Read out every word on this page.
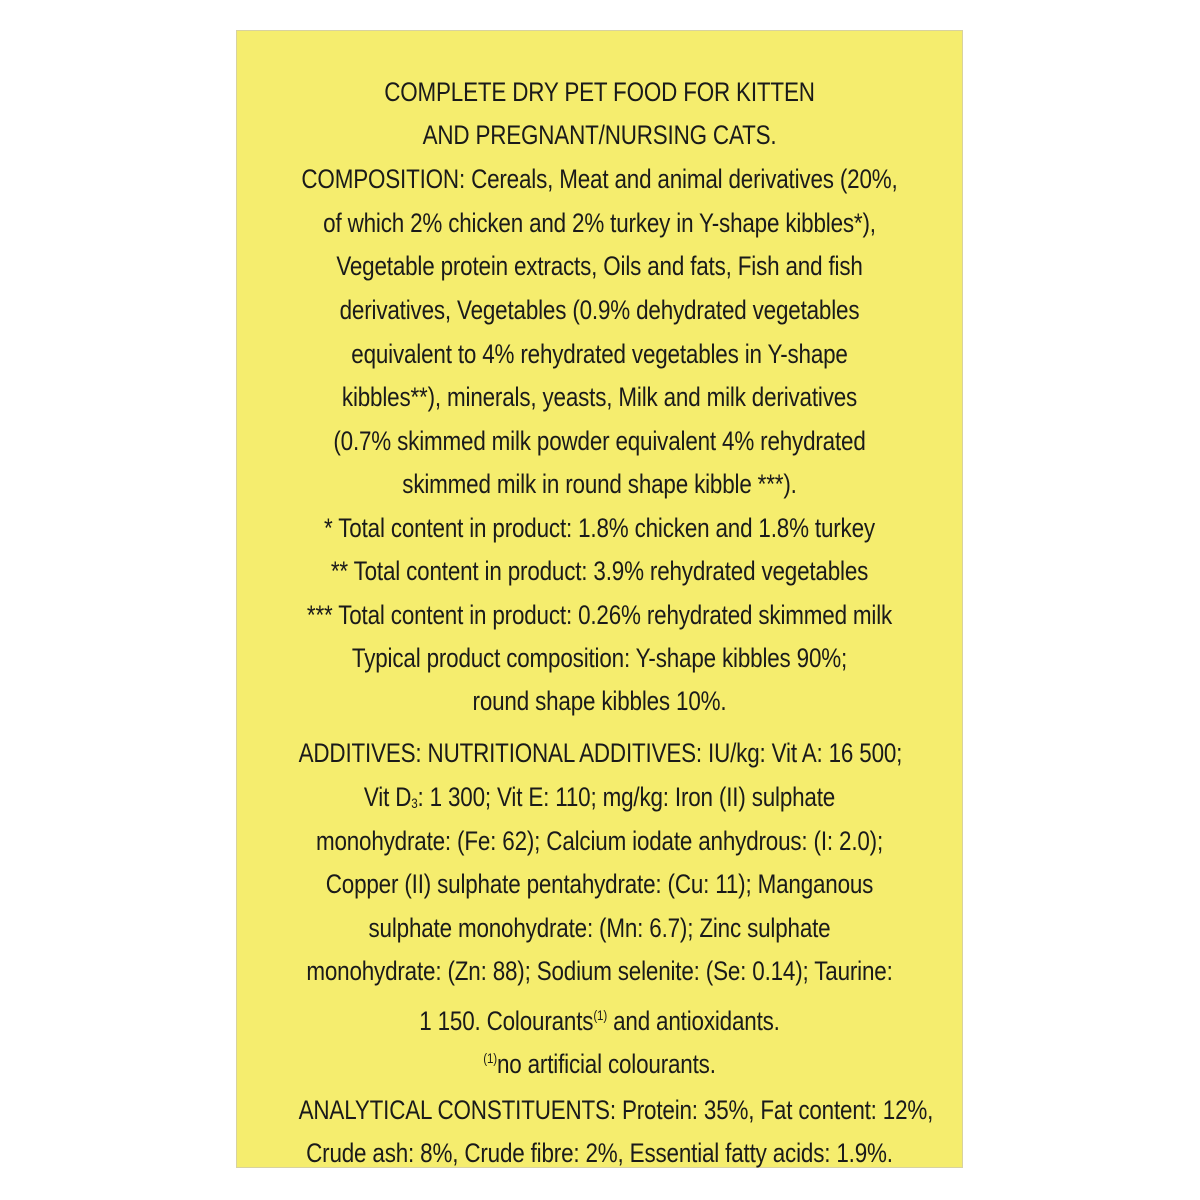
COMPLETE DRY PET FOOD FOR KITTEN
AND PREGNANT/NURSING CATS.
COMPOSITION: Cereals, Meat and animal derivatives (20%,
of which 2% chicken and 2% turkey in Y-shape kibbles*),
Vegetable protein extracts, Oils and fats, Fish and fish
derivatives, Vegetables (0.9% dehydrated vegetables
equivalent to 4% rehydrated vegetables in Y-shape
kibbles**), minerals, yeasts, Milk and milk derivatives
(0.7% skimmed milk powder equivalent 4% rehydrated
skimmed milk in round shape kibble ***).
* Total content in product: 1.8% chicken and 1.8% turkey
** Total content in product: 3.9% rehydrated vegetables
*** Total content in product: 0.26% rehydrated skimmed milk
Typical product composition: Y-shape kibbles 90%;
round shape kibbles 10%.
ADDITIVES: NUTRITIONAL ADDITIVES: IU/kg: Vit A: 16 500;
Vit $D_3$: 1 300; Vit E: 110; mg/kg: Iron (II) sulphate
monohydrate: (Fe: 62); Calcium iodate anhydrous: (I: 2.0);
Copper (II) sulphate pentahydrate: (Cu: 11); Manganous
sulphate monohydrate: (Mn: 6.7); Zinc sulphate
monohydrate: (Zn: 88); Sodium selenite: (Se: 0.14); Taurine:
1 150. Colourants$^{(1)}$ and antioxidants.
$^{(1)}$no artificial colourants.
ANALYTICAL CONSTITUENTS: Protein: 35%, Fat content: 12%,
Crude ash: 8%, Crude fibre: 2%, Essential fatty acids: 1.9%.
